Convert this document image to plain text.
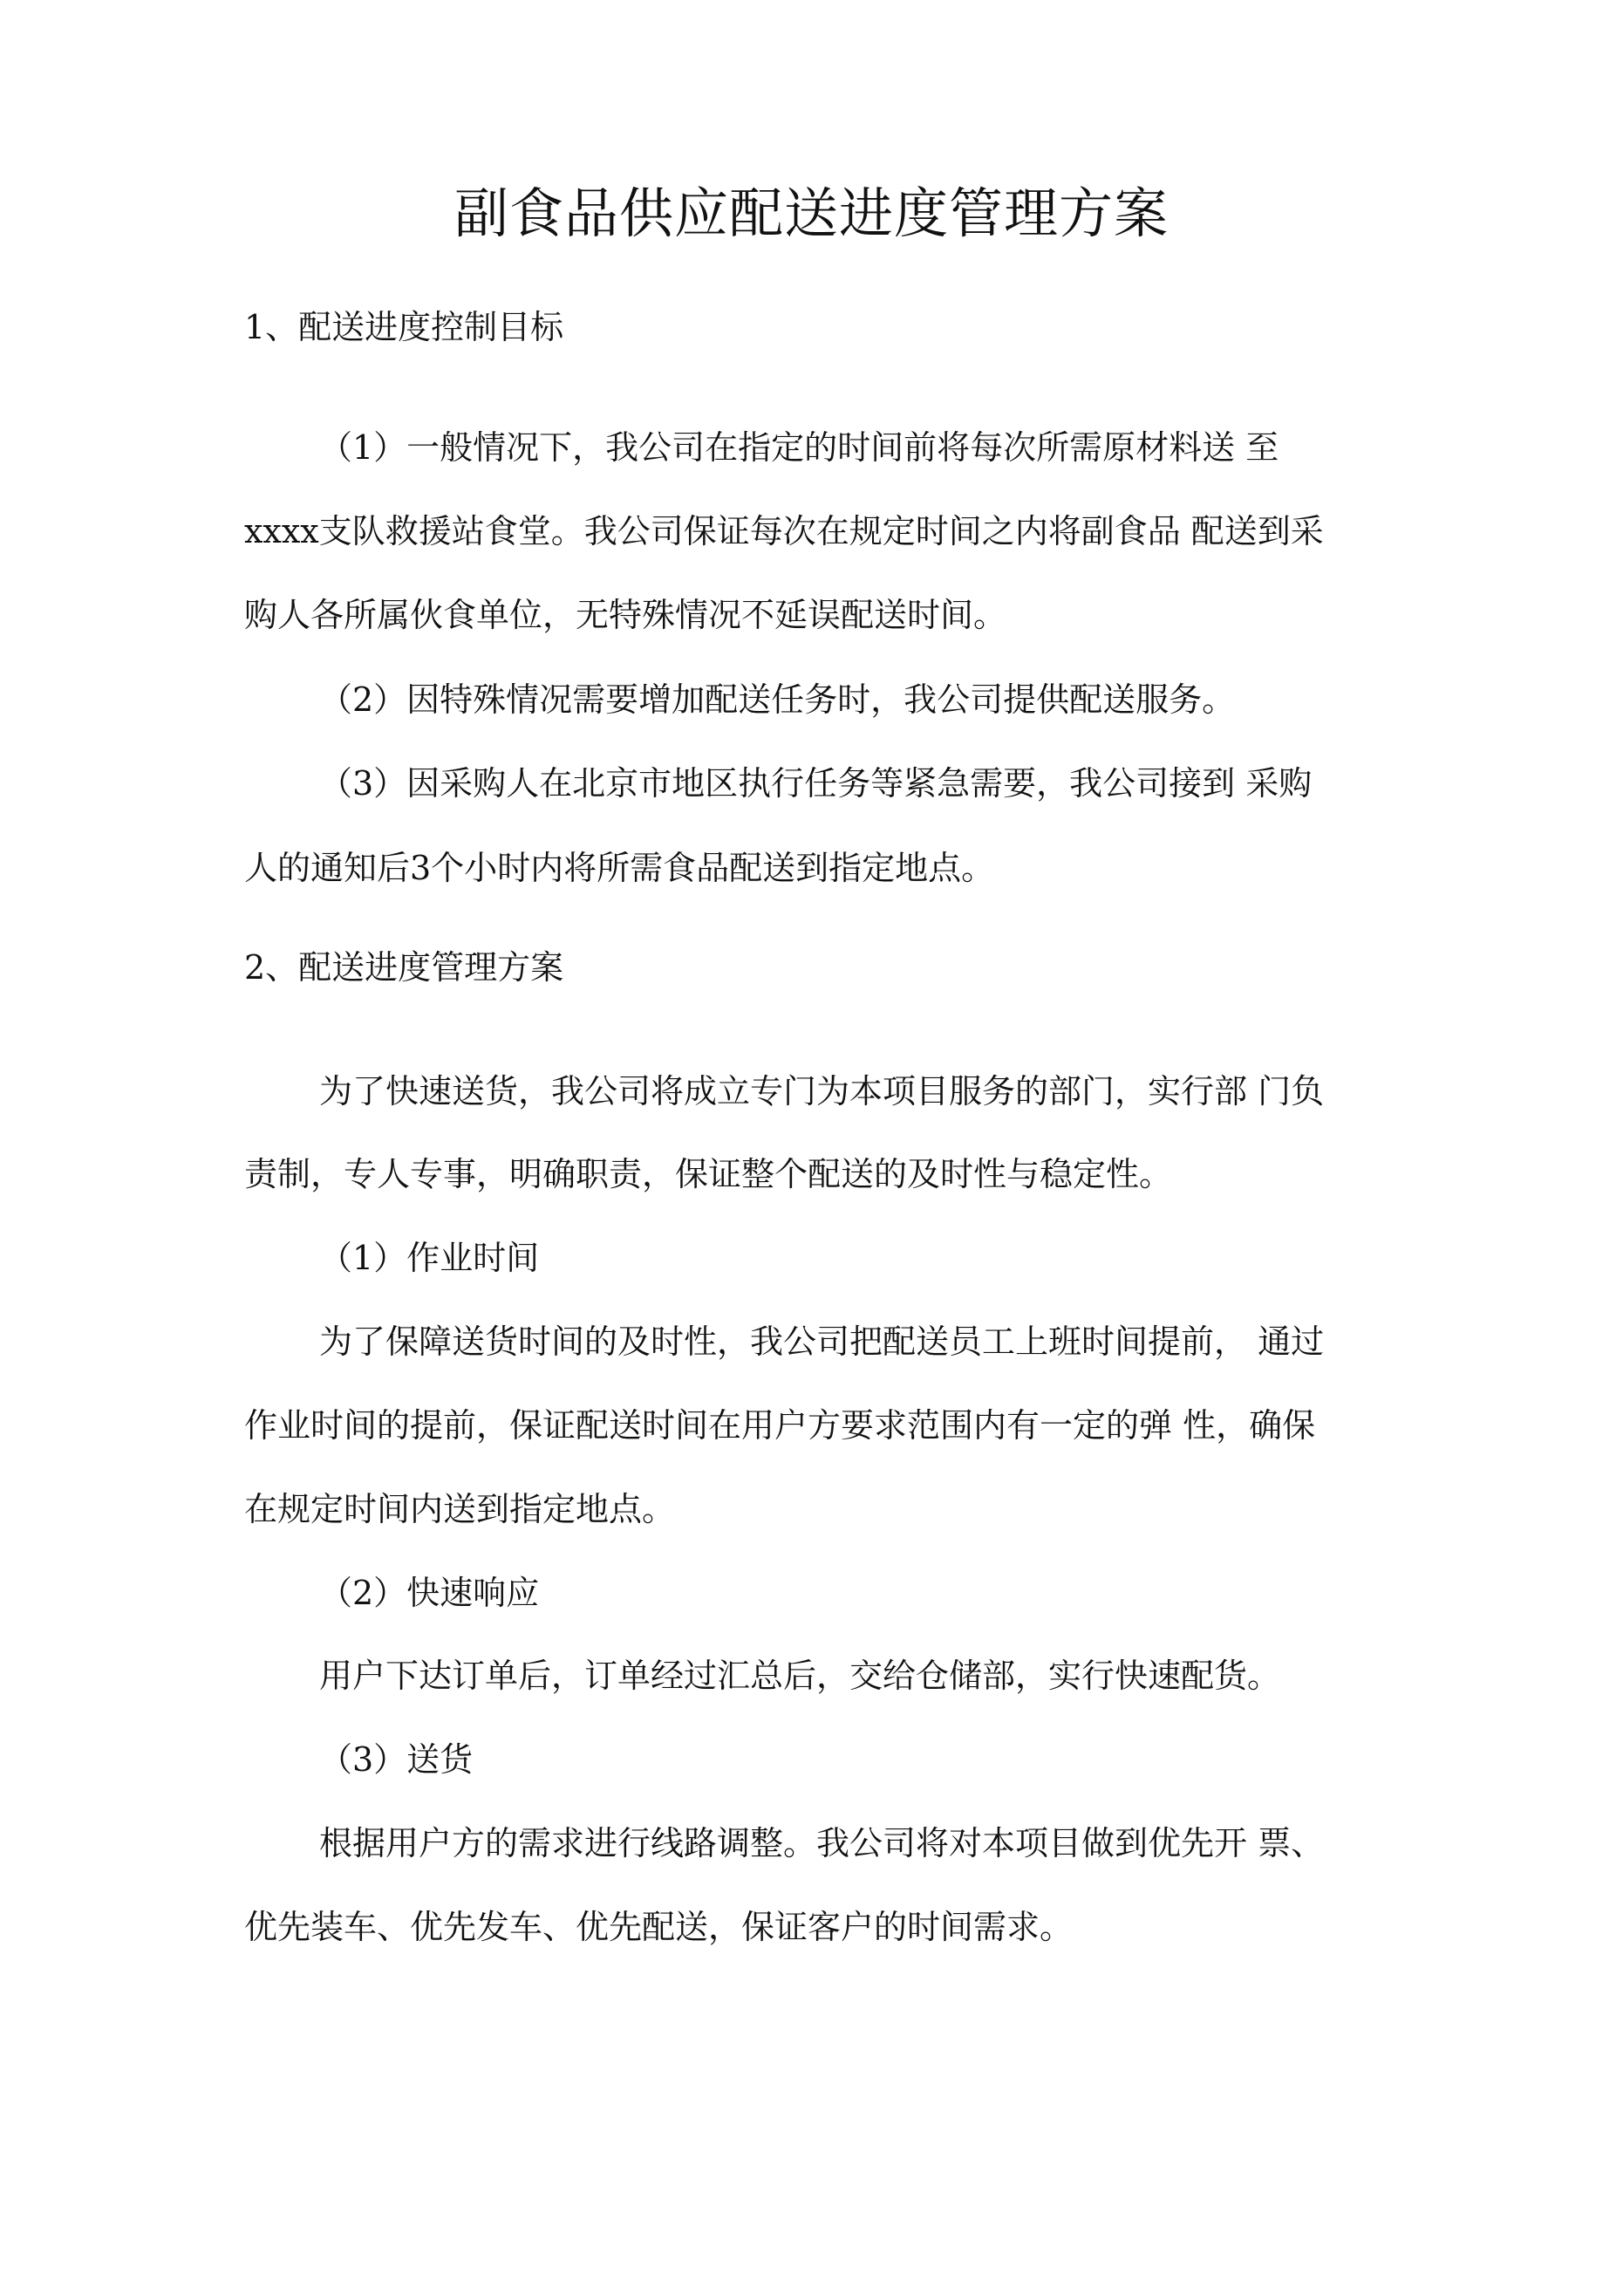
副食品供应配送进度管理方案
1、配送进度控制目标
（1）一般情况下，我公司在指定的时间前将每次所需原材料送 至
xxxx支队救援站食堂。我公司保证每次在规定时间之内将副食品 配送到采
购人各所属伙食单位，无特殊情况不延误配送时间。
（2）因特殊情况需要增加配送任务时，我公司提供配送服务。
（3）因采购人在北京市地区执行任务等紧急需要，我公司接到 采购
人的通知后3个小时内将所需食品配送到指定地点。
2、配送进度管理方案
为了快速送货，我公司将成立专门为本项目服务的部门，实行部 门负
责制，专人专事，明确职责，保证整个配送的及时性与稳定性。
（1）作业时间
为了保障送货时间的及时性，我公司把配送员工上班时间提前， 通过
作业时间的提前，保证配送时间在用户方要求范围内有一定的弹 性，确保
在规定时间内送到指定地点。
（2）快速响应
用户下达订单后，订单经过汇总后，交给仓储部，实行快速配货。
（3）送货
根据用户方的需求进行线路调整。我公司将对本项目做到优先开 票、
优先装车、优先发车、优先配送，保证客户的时间需求。
